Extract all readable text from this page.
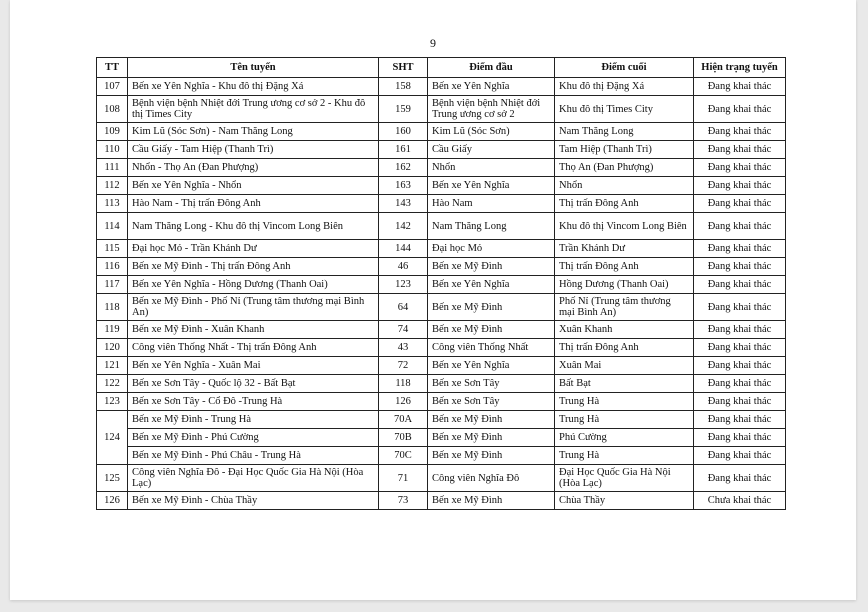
9
TT	Tên tuyến	SHT	Điểm đầu	Điểm cuối	Hiện trạng tuyến
107	Bến xe Yên Nghĩa - Khu đô thị Đặng Xá	158	Bến xe Yên Nghĩa	Khu đô thị Đặng Xá	Đang khai thác
108	Bệnh viện bệnh Nhiệt đới Trung ương cơ sở 2 - Khu đô thị Times City	159	Bệnh viện bệnh Nhiệt đới Trung ương cơ sở 2	Khu đô thị Times City	Đang khai thác
109	Kim Lũ (Sóc Sơn) - Nam Thăng Long	160	Kim Lũ (Sóc Sơn)	Nam Thăng Long	Đang khai thác
110	Cầu Giấy - Tam Hiệp (Thanh Trì)	161	Cầu Giấy	Tam Hiệp (Thanh Trì)	Đang khai thác
111	Nhổn - Thọ An (Đan Phượng)	162	Nhổn	Thọ An (Đan Phượng)	Đang khai thác
112	Bến xe Yên Nghĩa - Nhổn	163	Bến xe Yên Nghĩa	Nhổn	Đang khai thác
113	Hào Nam - Thị trấn Đông Anh	143	Hào Nam	Thị trấn Đông Anh	Đang khai thác
114	Nam Thăng Long - Khu đô thị Vincom Long Biên	142	Nam Thăng Long	Khu đô thị Vincom Long Biên	Đang khai thác
115	Đại học Mỏ - Trần Khánh Dư	144	Đại học Mỏ	Trần Khánh Dư	Đang khai thác
116	Bến xe Mỹ Đình - Thị trấn Đông Anh	46	Bến xe Mỹ Đình	Thị trấn Đông Anh	Đang khai thác
117	Bến xe Yên Nghĩa - Hồng Dương (Thanh Oai)	123	Bến xe Yên Nghĩa	Hồng Dương (Thanh Oai)	Đang khai thác
118	Bến xe Mỹ Đình - Phố Nỉ (Trung tâm thương mại Bình An)	64	Bến xe Mỹ Đình	Phố Nỉ (Trung tâm thương mại Bình An)	Đang khai thác
119	Bến xe Mỹ Đình - Xuân Khanh	74	Bến xe Mỹ Đình	Xuân Khanh	Đang khai thác
120	Công viên Thống Nhất - Thị trấn Đông Anh	43	Công viên Thống Nhất	Thị trấn Đông Anh	Đang khai thác
121	Bến xe Yên Nghĩa - Xuân Mai	72	Bến xe Yên Nghĩa	Xuân Mai	Đang khai thác
122	Bến xe Sơn Tây - Quốc lộ 32 - Bất Bạt	118	Bến xe Sơn Tây	Bất Bạt	Đang khai thác
123	Bến xe Sơn Tây - Cổ Đô -Trung Hà	126	Bến xe Sơn Tây	Trung Hà	Đang khai thác
124	Bến xe Mỹ Đình - Trung Hà	70A	Bến xe Mỹ Đình	Trung Hà	Đang khai thác
	Bến xe Mỹ Đình - Phú Cường	70B	Bến xe Mỹ Đình	Phú Cường	Đang khai thác
	Bến xe Mỹ Đình - Phú Châu - Trung Hà	70C	Bến xe Mỹ Đình	Trung Hà	Đang khai thác
125	Công viên Nghĩa Đô - Đại Học Quốc Gia Hà Nội (Hòa Lạc)	71	Công viên Nghĩa Đô	Đại Học Quốc Gia Hà Nội (Hòa Lạc)	Đang khai thác
126	Bến xe Mỹ Đình - Chùa Thầy	73	Bến xe Mỹ Đình	Chùa Thầy	Chưa khai thác
